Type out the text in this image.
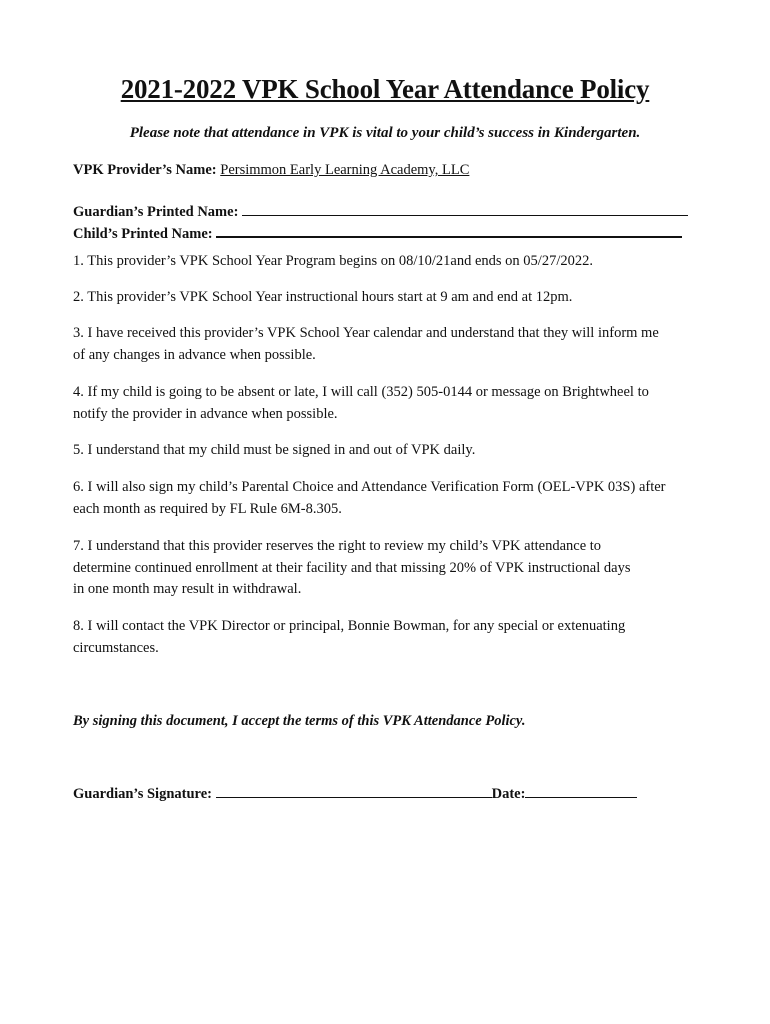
2021-2022 VPK School Year Attendance Policy
Please note that attendance in VPK is vital to your child’s success in Kindergarten.
VPK Provider’s Name: Persimmon Early Learning Academy, LLC
Guardian’s Printed Name:
Child’s Printed Name:

1. This provider’s VPK School Year Program begins on 08/10/21and ends on 05/27/2022.

2. This provider’s VPK School Year instructional hours start at 9 am and end at 12pm.

3. I have received this provider’s VPK School Year calendar and understand that they will inform me

of any changes in advance when possible.

4. If my child is going to be absent or late, I will call (352) 505-0144 or message on Brightwheel to

notify the provider in advance when possible.

5. I understand that my child must be signed in and out of VPK daily.

6. I will also sign my child’s Parental Choice and Attendance Verification Form (OEL-VPK 03S) after

each month as required by FL Rule 6M-8.305.

7. I understand that this provider reserves the right to review my child’s VPK attendance to

determine continued enrollment at their facility and that missing 20% of VPK instructional days

in one month may result in withdrawal.

8. I will contact the VPK Director or principal, Bonnie Bowman, for any special or extenuating

circumstances.

By signing this document, I accept the terms of this VPK Attendance Policy.
Guardian’s Signature:	Date:
